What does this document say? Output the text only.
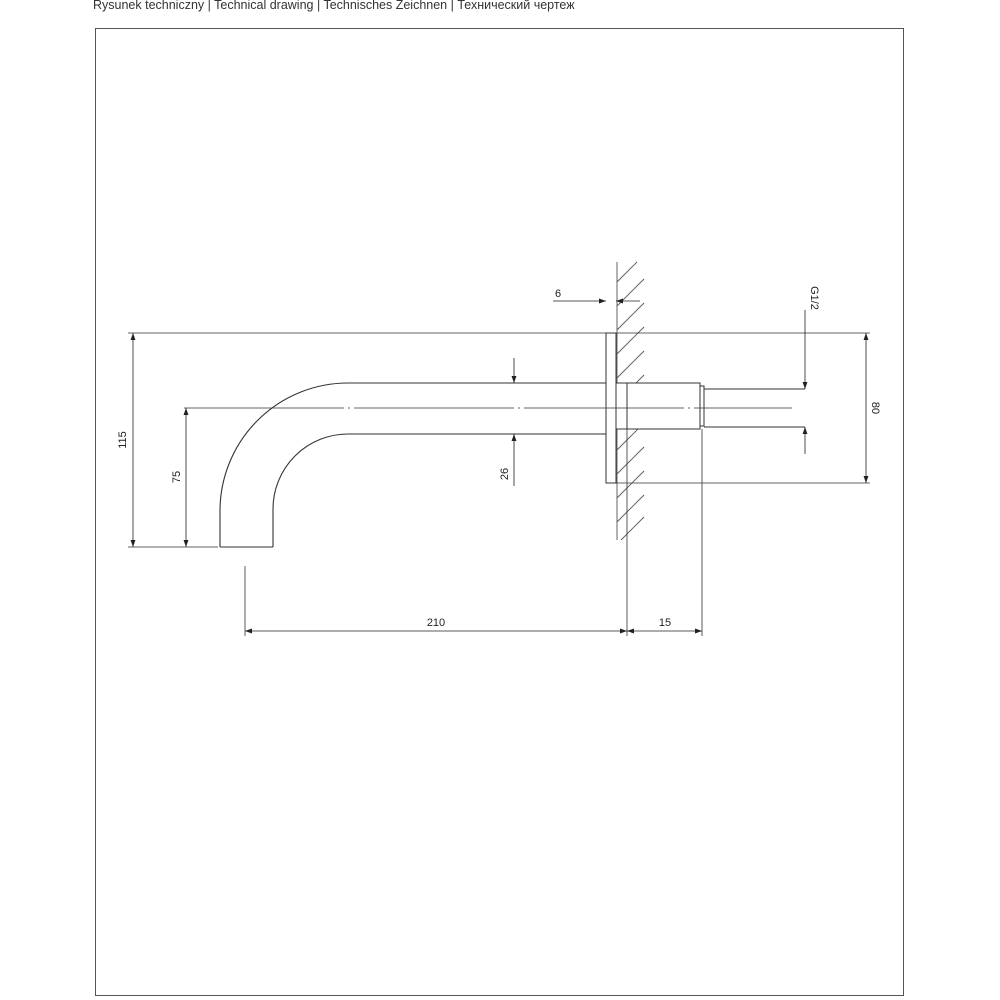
Rysunek techniczny | Technical drawing | Technisches Zeichnen | Технический чертеж
6	G1/2
115
75	26
80
210	15
